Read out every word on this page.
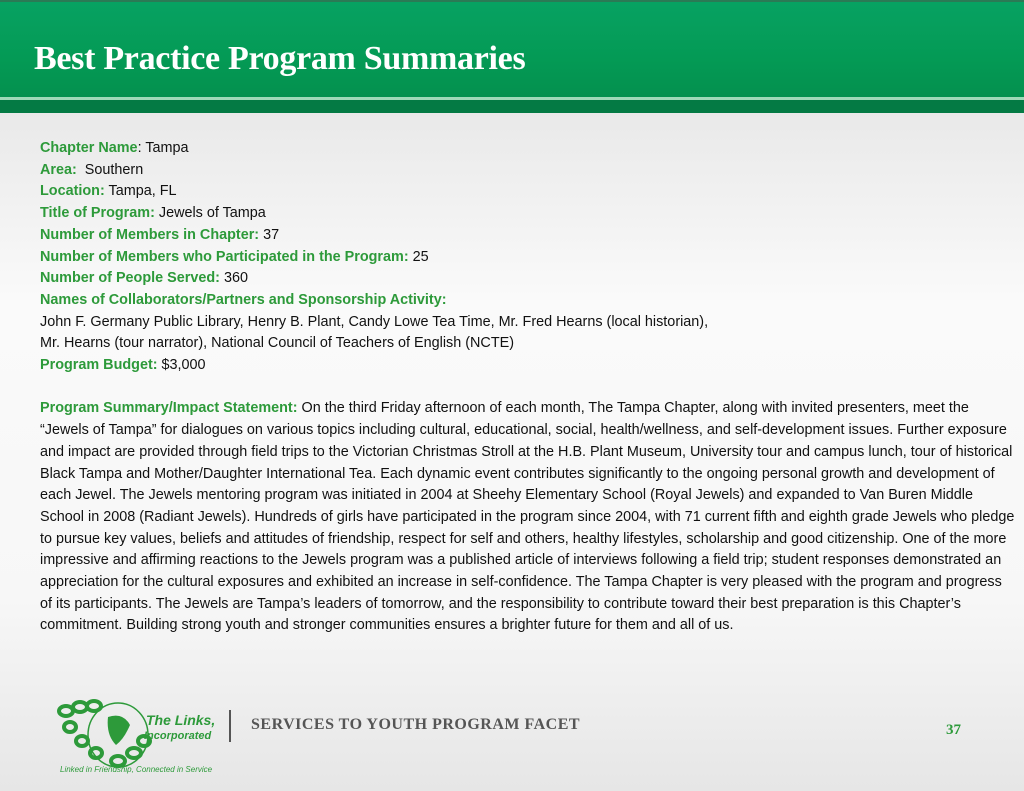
Best Practice Program Summaries
Chapter Name: Tampa
Area: Southern
Location: Tampa, FL
Title of Program: Jewels of Tampa
Number of Members in Chapter: 37
Number of Members who Participated in the Program: 25
Number of People Served: 360
Names of Collaborators/Partners and Sponsorship Activity:
John F. Germany Public Library, Henry B. Plant, Candy Lowe Tea Time, Mr. Fred Hearns (local historian), Mr. Hearns (tour narrator), National Council of Teachers of English (NCTE)
Program Budget: $3,000
Program Summary/Impact Statement: On the third Friday afternoon of each month, The Tampa Chapter, along with invited presenters, meet the “Jewels of Tampa” for dialogues on various topics including cultural, educational, social, health/wellness, and self-development issues. Further exposure and impact are provided through field trips to the Victorian Christmas Stroll at the H.B. Plant Museum, University tour and campus lunch, tour of historical Black Tampa and Mother/Daughter International Tea. Each dynamic event contributes significantly to the ongoing personal growth and development of each Jewel. The Jewels mentoring program was initiated in 2004 at Sheehy Elementary School (Royal Jewels) and expanded to Van Buren Middle School in 2008 (Radiant Jewels). Hundreds of girls have participated in the program since 2004, with 71 current fifth and eighth grade Jewels who pledge to pursue key values, beliefs and attitudes of friendship, respect for self and others, healthy lifestyles, scholarship and good citizenship. One of the more impressive and affirming reactions to the Jewels program was a published article of interviews following a field trip; student responses demonstrated an appreciation for the cultural exposures and exhibited an increase in self-confidence. The Tampa Chapter is very pleased with the program and progress of its participants. The Jewels are Tampa’s leaders of tomorrow, and the responsibility to contribute toward their best preparation is this Chapter’s commitment. Building strong youth and stronger communities ensures a brighter future for them and all of us.
The Links,
Incorporated
Linked in Friendship, Connected in Service
SERVICES TO YOUTH PROGRAM FACET	37
